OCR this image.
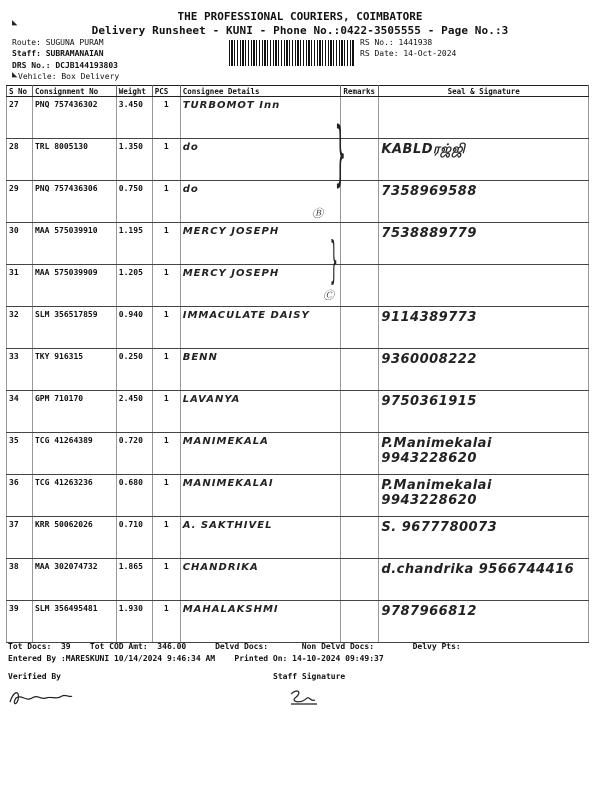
◣
◣
THE PROFESSIONAL COURIERS, COIMBATORE
Delivery Runsheet - KUNI - Phone No.:0422-3505555 - Page No.:3
Route: SUGUNA PURAM
Staff: SUBRAMANAIAN
DRS No.: DCJB144193803
Vehicle: Box Delivery
RS No.: 1441938
RS Date: 14-Oct-2024
S No	Consignment No	Weight	PCS	Consignee Details	Remarks	Seal & Signature
27	PNQ 757436302	3.450	1	TURBOMOT Inn		

28	TRL 8005130	1.350	1	do		KABLDரஜ்ஜி

29	PNQ 757436306	0.750	1	do		7358969588

30	MAA 575039910	1.195	1	MERCY JOSEPH		7538889779

31	MAA 575039909	1.205	1	MERCY JOSEPH		

32	SLM 356517859	0.940	1	IMMACULATE DAISY		9114389773

33	TKY 916315	0.250	1	BENN		9360008222

34	GPM 710170	2.450	1	LAVANYA		9750361915

35	TCG 41264389	0.720	1	MANIMEKALA		P.Manimekalai 9943228620

36	TCG 41263236	0.680	1	MANIMEKALAI		P.Manimekalai 9943228620

37	KRR 50062026	0.710	1	A. SAKTHIVEL		S. 9677780073

38	MAA 302074732	1.865	1	CHANDRIKA		d.chandrika 9566744416

39	SLM 356495481	1.930	1	MAHALAKSHMI		9787966812
}
Ⓑ
}
Ⓒ
Tot Docs:  39    Tot COD Amt:  346.00      Delvd Docs:       Non Delvd Docs:        Delvy Pts:
Entered By :MARESKUNI 10/14/2024 9:46:34 AM    Printed On: 14-10-2024 09:49:37
Verified By	Staff Signature
